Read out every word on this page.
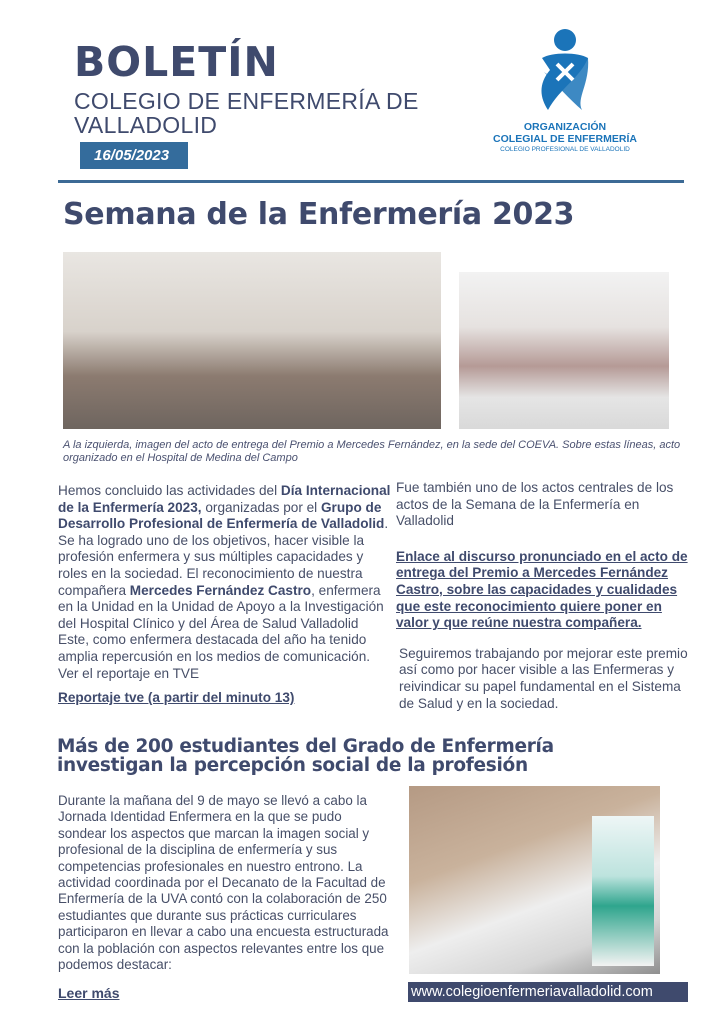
BOLETÍN
COLEGIO DE ENFERMERÍA DE VALLADOLID
16/05/2023
ORGANIZACIÓN
COLEGIAL DE ENFERMERÍA
COLEGIO PROFESIONAL DE VALLADOLID
Semana de la Enfermería 2023
A la izquierda, imagen del acto de entrega del Premio a Mercedes Fernández, en la sede del COEVA. Sobre estas líneas, acto organizado en el Hospital de Medina del Campo
Hemos concluido las actividades del Día Internacional de la Enfermería 2023, organizadas por el Grupo de Desarrollo Profesional de Enfermería de Valladolid.
Se ha logrado uno de los objetivos, hacer visible la profesión enfermera y sus múltiples capacidades y roles en la sociedad. El reconocimiento de nuestra compañera Mercedes Fernández Castro, enfermera en la Unidad en la Unidad de Apoyo a la Investigación del Hospital Clínico y del Área de Salud Valladolid Este, como enfermera destacada del año ha tenido amplia repercusión en los medios de comunicación. Ver el reportaje en TVE
Reportaje tve (a partir del minuto 13)
Fue también uno de los actos centrales de los actos de la Semana de la Enfermería en Valladolid
Enlace al discurso pronunciado en el acto de entrega del Premio a Mercedes Fernández Castro, sobre las capacidades y cualidades que este reconocimiento quiere poner en valor y que reúne nuestra compañera.
Seguiremos trabajando por mejorar este premio así como por hacer visible a las Enfermeras y reivindicar su papel fundamental en el Sistema de Salud y en la sociedad.
Más de 200 estudiantes del Grado de Enfermería investigan la percepción social de la profesión
Durante la mañana del 9 de mayo se llevó a cabo la Jornada Identidad Enfermera en la que se pudo sondear los aspectos que marcan la imagen social y profesional de la disciplina de enfermería y sus competencias profesionales en nuestro entrono. La actividad coordinada por el Decanato de la Facultad de Enfermería de la UVA contó con la colaboración de 250 estudiantes que durante sus prácticas curriculares participaron en llevar a cabo una encuesta estructurada con la población con aspectos relevantes entre los que podemos destacar:
Leer más	www.colegioenfermeriavalladolid.com
